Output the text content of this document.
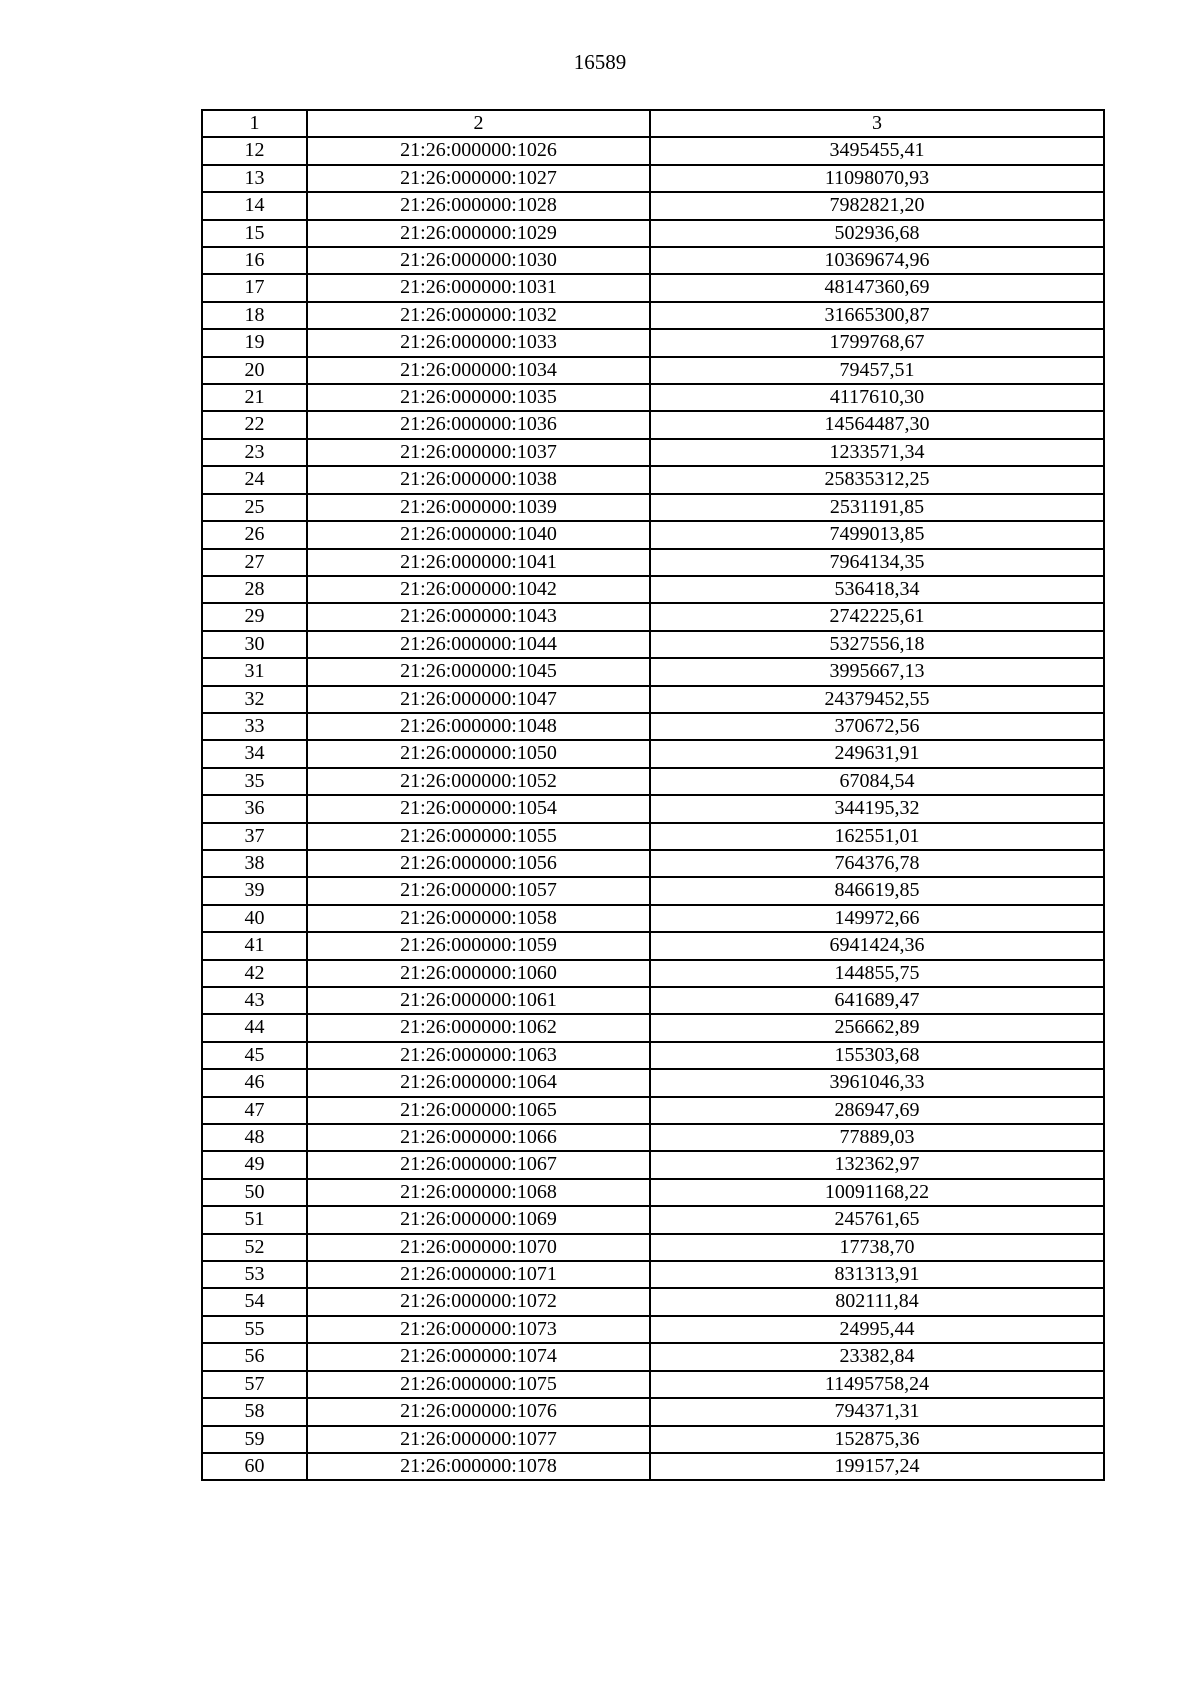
16589
1	2	3
12	21:26:000000:1026	3495455,41
13	21:26:000000:1027	11098070,93
14	21:26:000000:1028	7982821,20
15	21:26:000000:1029	502936,68
16	21:26:000000:1030	10369674,96
17	21:26:000000:1031	48147360,69
18	21:26:000000:1032	31665300,87
19	21:26:000000:1033	1799768,67
20	21:26:000000:1034	79457,51
21	21:26:000000:1035	4117610,30
22	21:26:000000:1036	14564487,30
23	21:26:000000:1037	1233571,34
24	21:26:000000:1038	25835312,25
25	21:26:000000:1039	2531191,85
26	21:26:000000:1040	7499013,85
27	21:26:000000:1041	7964134,35
28	21:26:000000:1042	536418,34
29	21:26:000000:1043	2742225,61
30	21:26:000000:1044	5327556,18
31	21:26:000000:1045	3995667,13
32	21:26:000000:1047	24379452,55
33	21:26:000000:1048	370672,56
34	21:26:000000:1050	249631,91
35	21:26:000000:1052	67084,54
36	21:26:000000:1054	344195,32
37	21:26:000000:1055	162551,01
38	21:26:000000:1056	764376,78
39	21:26:000000:1057	846619,85
40	21:26:000000:1058	149972,66
41	21:26:000000:1059	6941424,36
42	21:26:000000:1060	144855,75
43	21:26:000000:1061	641689,47
44	21:26:000000:1062	256662,89
45	21:26:000000:1063	155303,68
46	21:26:000000:1064	3961046,33
47	21:26:000000:1065	286947,69
48	21:26:000000:1066	77889,03
49	21:26:000000:1067	132362,97
50	21:26:000000:1068	10091168,22
51	21:26:000000:1069	245761,65
52	21:26:000000:1070	17738,70
53	21:26:000000:1071	831313,91
54	21:26:000000:1072	802111,84
55	21:26:000000:1073	24995,44
56	21:26:000000:1074	23382,84
57	21:26:000000:1075	11495758,24
58	21:26:000000:1076	794371,31
59	21:26:000000:1077	152875,36
60	21:26:000000:1078	199157,24
